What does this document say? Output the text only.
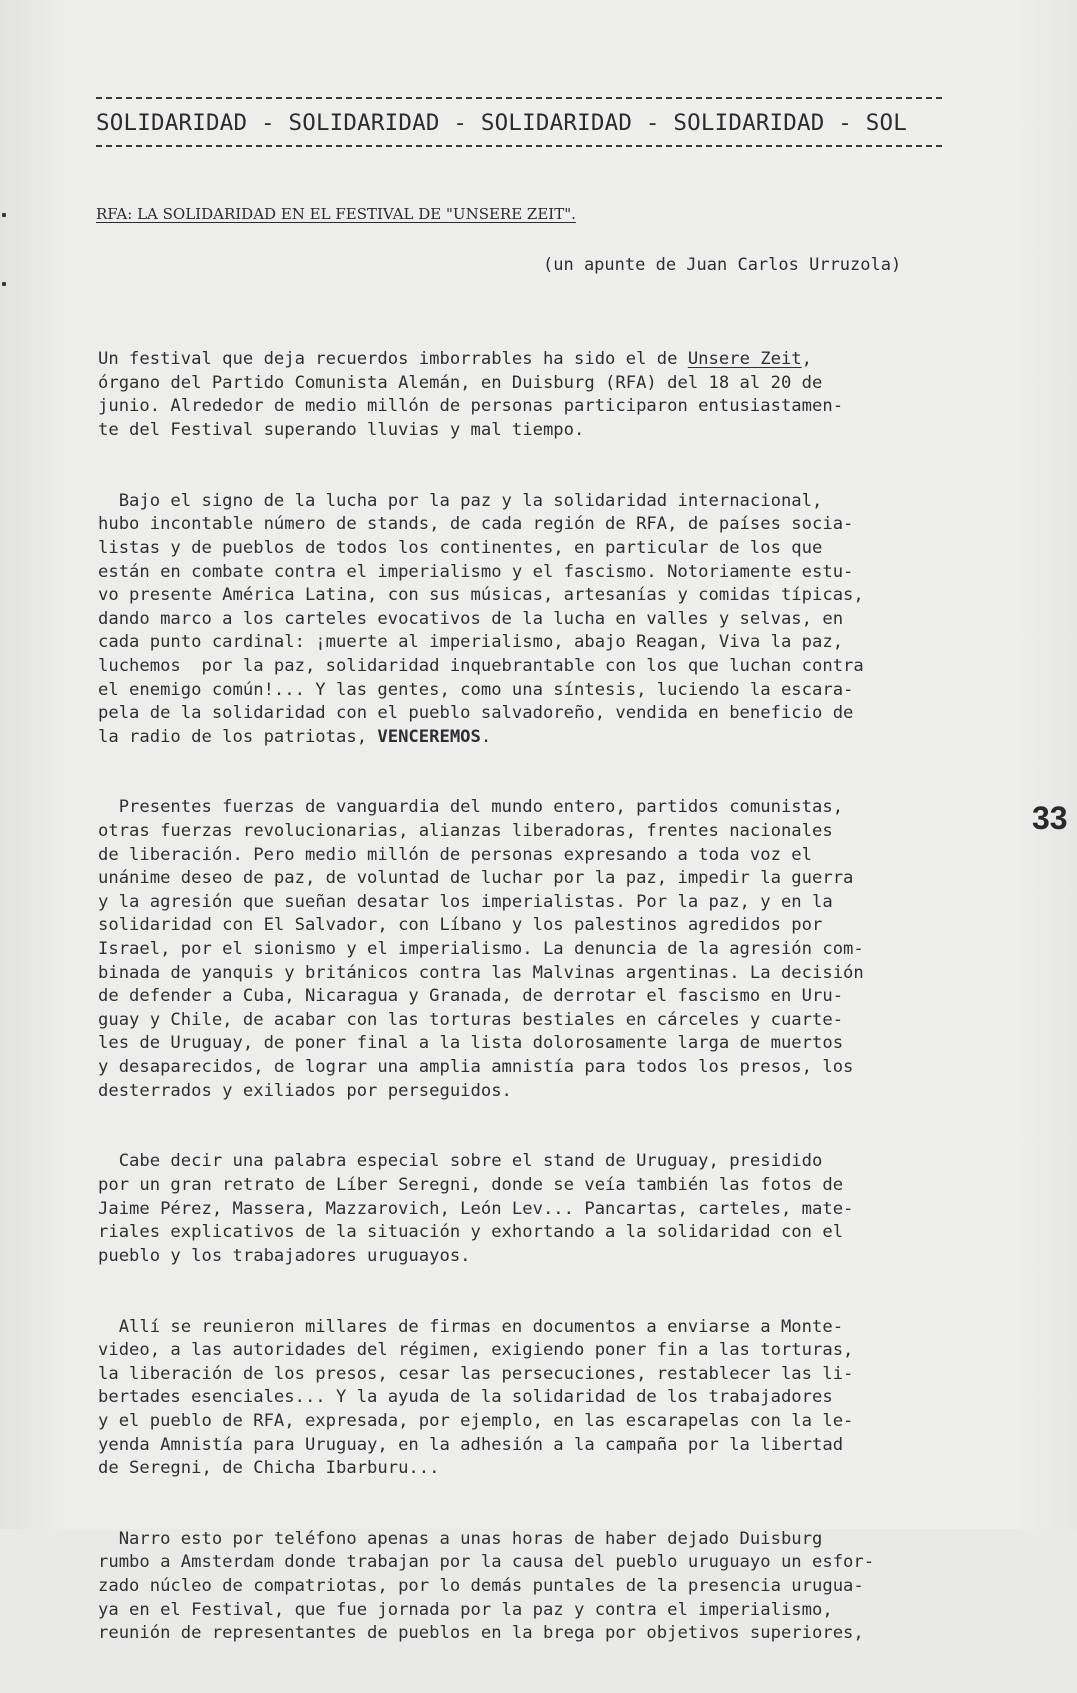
SOLIDARIDAD - SOLIDARIDAD - SOLIDARIDAD - SOLIDARIDAD - SOL
RFA: LA SOLIDARIDAD EN EL FESTIVAL DE "UNSERE ZEIT".
(un apunte de Juan Carlos Urruzola)

Un festival que deja recuerdos imborrables ha sido el de Unsere Zeit,
órgano del Partido Comunista Alemán, en Duisburg (RFA) del 18 al 20 de
junio. Alrededor de medio millón de personas participaron entusiastamen-
te del Festival superando lluvias y mal tiempo.

Bajo el signo de la lucha por la paz y la solidaridad internacional,
hubo incontable número de stands, de cada región de RFA, de países socia-
listas y de pueblos de todos los continentes, en particular de los que
están en combate contra el imperialismo y el fascismo. Notoriamente estu-
vo presente América Latina, con sus músicas, artesanías y comidas típicas,
dando marco a los carteles evocativos de la lucha en valles y selvas, en
cada punto cardinal: ¡muerte al imperialismo, abajo Reagan, Viva la paz,
luchemos  por la paz, solidaridad inquebrantable con los que luchan contra
el enemigo común!... Y las gentes, como una síntesis, luciendo la escara-
pela de la solidaridad con el pueblo salvadoreño, vendida en beneficio de
la radio de los patriotas, VENCEREMOS.

Presentes fuerzas de vanguardia del mundo entero, partidos comunistas,
otras fuerzas revolucionarias, alianzas liberadoras, frentes nacionales
de liberación. Pero medio millón de personas expresando a toda voz el
unánime deseo de paz, de voluntad de luchar por la paz, impedir la guerra
y la agresión que sueñan desatar los imperialistas. Por la paz, y en la
solidaridad con El Salvador, con Líbano y los palestinos agredidos por
Israel, por el sionismo y el imperialismo. La denuncia de la agresión com-
binada de yanquis y británicos contra las Malvinas argentinas. La decisión
de defender a Cuba, Nicaragua y Granada, de derrotar el fascismo en Uru-
guay y Chile, de acabar con las torturas bestiales en cárceles y cuarte-
les de Uruguay, de poner final a la lista dolorosamente larga de muertos
y desaparecidos, de lograr una amplia amnistía para todos los presos, los
desterrados y exiliados por perseguidos.

Cabe decir una palabra especial sobre el stand de Uruguay, presidido
por un gran retrato de Líber Seregni, donde se veía también las fotos de
Jaime Pérez, Massera, Mazzarovich, León Lev... Pancartas, carteles, mate-
riales explicativos de la situación y exhortando a la solidaridad con el
pueblo y los trabajadores uruguayos.

Allí se reunieron millares de firmas en documentos a enviarse a Monte-
video, a las autoridades del régimen, exigiendo poner fin a las torturas,
la liberación de los presos, cesar las persecuciones, restablecer las li-
bertades esenciales... Y la ayuda de la solidaridad de los trabajadores
y el pueblo de RFA, expresada, por ejemplo, en las escarapelas con la le-
yenda Amnistía para Uruguay, en la adhesión a la campaña por la libertad
de Seregni, de Chicha Ibarburu...

Narro esto por teléfono apenas a unas horas de haber dejado Duisburg
rumbo a Amsterdam donde trabajan por la causa del pueblo uruguayo un esfor-
zado núcleo de compatriotas, por lo demás puntales de la presencia urugua-
ya en el Festival, que fue jornada por la paz y contra el imperialismo,
reunión de representantes de pueblos en la brega por objetivos superiores,

33
